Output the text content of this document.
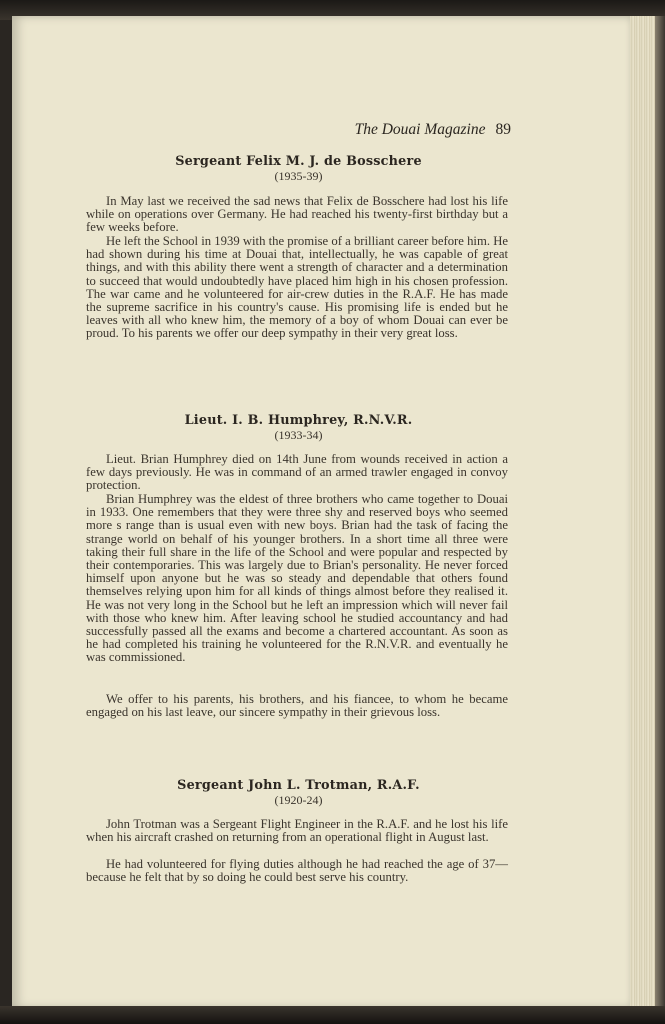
The Douai Magazine 89
Sergeant Felix M. J. de Bosschere
(1935-39)

In May last we received the sad news that Felix de Bosschere had lost his life while on operations over Germany. He had reached his twenty-first birthday but a few weeks before.

He left the School in 1939 with the promise of a brilliant career before him. He had shown during his time at Douai that, intellectually, he was capable of great things, and with this ability there went a strength of character and a determination to succeed that would undoubtedly have placed him high in his chosen profession. The war came and he volunteered for air-crew duties in the R.A.F. He has made the supreme sacrifice in his country's cause. His promising life is ended but he leaves with all who knew him, the memory of a boy of whom Douai can ever be proud. To his parents we offer our deep sympathy in their very great loss.

Lieut. I. B. Humphrey, R.N.V.R.
(1933-34)

Lieut. Brian Humphrey died on 14th June from wounds received in action a few days previously. He was in command of an armed trawler engaged in convoy protection.

Brian Humphrey was the eldest of three brothers who came together to Douai in 1933. One remembers that they were three shy and reserved boys who seemed more s range than is usual even with new boys. Brian had the task of facing the strange world on behalf of his younger brothers. In a short time all three were taking their full share in the life of the School and were popular and respected by their contemporaries. This was largely due to Brian's personality. He never forced himself upon anyone but he was so steady and dependable that others found themselves relying upon him for all kinds of things almost before they realised it. He was not very long in the School but he left an impression which will never fail with those who knew him. After leaving school he studied accountancy and had successfully passed all the exams and become a chartered accountant. As soon as he had completed his training he volunteered for the R.N.V.R. and eventually he was commissioned.

We offer to his parents, his brothers, and his fiancee, to whom he became engaged on his last leave, our sincere sympathy in their grievous loss.

Sergeant John L. Trotman, R.A.F.
(1920-24)

John Trotman was a Sergeant Flight Engineer in the R.A.F. and he lost his life when his aircraft crashed on returning from an operational flight in August last.

He had volunteered for flying duties although he had reached the age of 37—because he felt that by so doing he could best serve his country.
